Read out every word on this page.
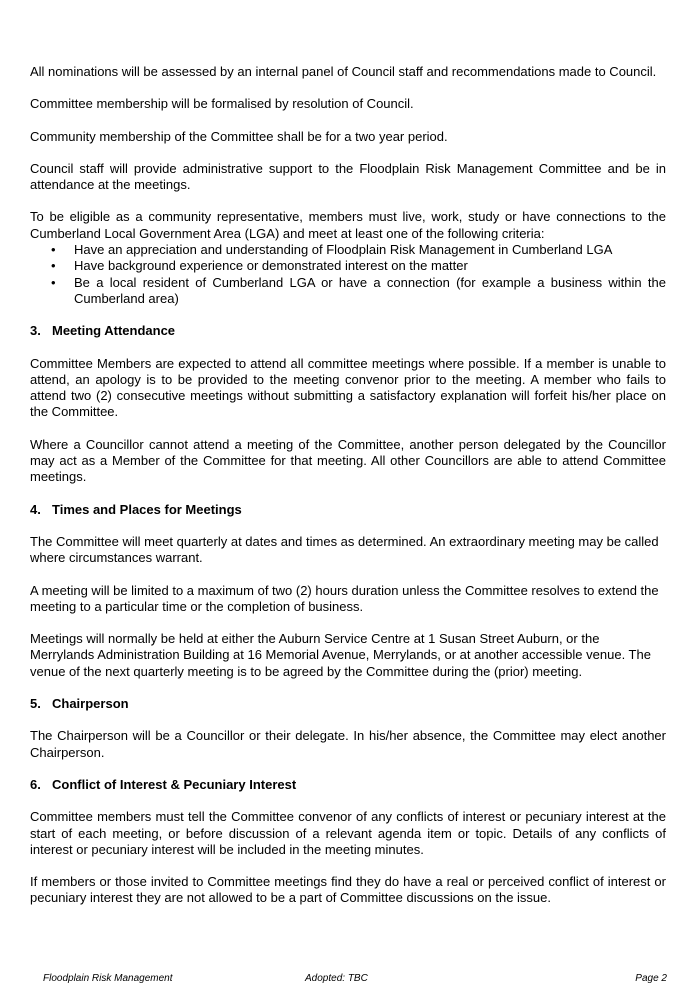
All nominations will be assessed by an internal panel of Council staff and recommendations made to Council.

Committee membership will be formalised by resolution of Council.

Community membership of the Committee shall be for a two year period.

Council staff will provide administrative support to the Floodplain Risk Management Committee and be in attendance at the meetings.

To be eligible as a community representative, members must live, work, study or have connections to the Cumberland Local Government Area (LGA) and meet at least one of the following criteria:

• Have an appreciation and understanding of Floodplain Risk Management in Cumberland LGA
• Have background experience or demonstrated interest on the matter
• Be a local resident of Cumberland LGA or have a connection (for example a business within the Cumberland area)
3. Meeting Attendance

Committee Members are expected to attend all committee meetings where possible. If a member is unable to attend, an apology is to be provided to the meeting convenor prior to the meeting. A member who fails to attend two (2) consecutive meetings without submitting a satisfactory explanation will forfeit his/her place on the Committee.

Where a Councillor cannot attend a meeting of the Committee, another person delegated by the Councillor may act as a Member of the Committee for that meeting. All other Councillors are able to attend Committee meetings.

4. Times and Places for Meetings

The Committee will meet quarterly at dates and times as determined. An extraordinary meeting may be called where circumstances warrant.

A meeting will be limited to a maximum of two (2) hours duration unless the Committee resolves to extend the meeting to a particular time or the completion of business.

Meetings will normally be held at either the Auburn Service Centre at 1 Susan Street Auburn, or the Merrylands Administration Building at 16 Memorial Avenue, Merrylands, or at another accessible venue. The venue of the next quarterly meeting is to be agreed by the Committee during the (prior) meeting.

5. Chairperson

The Chairperson will be a Councillor or their delegate. In his/her absence, the Committee may elect another Chairperson.

6. Conflict of Interest & Pecuniary Interest

Committee members must tell the Committee convenor of any conflicts of interest or pecuniary interest at the start of each meeting, or before discussion of a relevant agenda item or topic. Details of any conflicts of interest or pecuniary interest will be included in the meeting minutes.

If members or those invited to Committee meetings find they do have a real or perceived conflict of interest or pecuniary interest they are not allowed to be a part of Committee discussions on the issue.

Floodplain Risk Management	Adopted: TBC	Page 2
